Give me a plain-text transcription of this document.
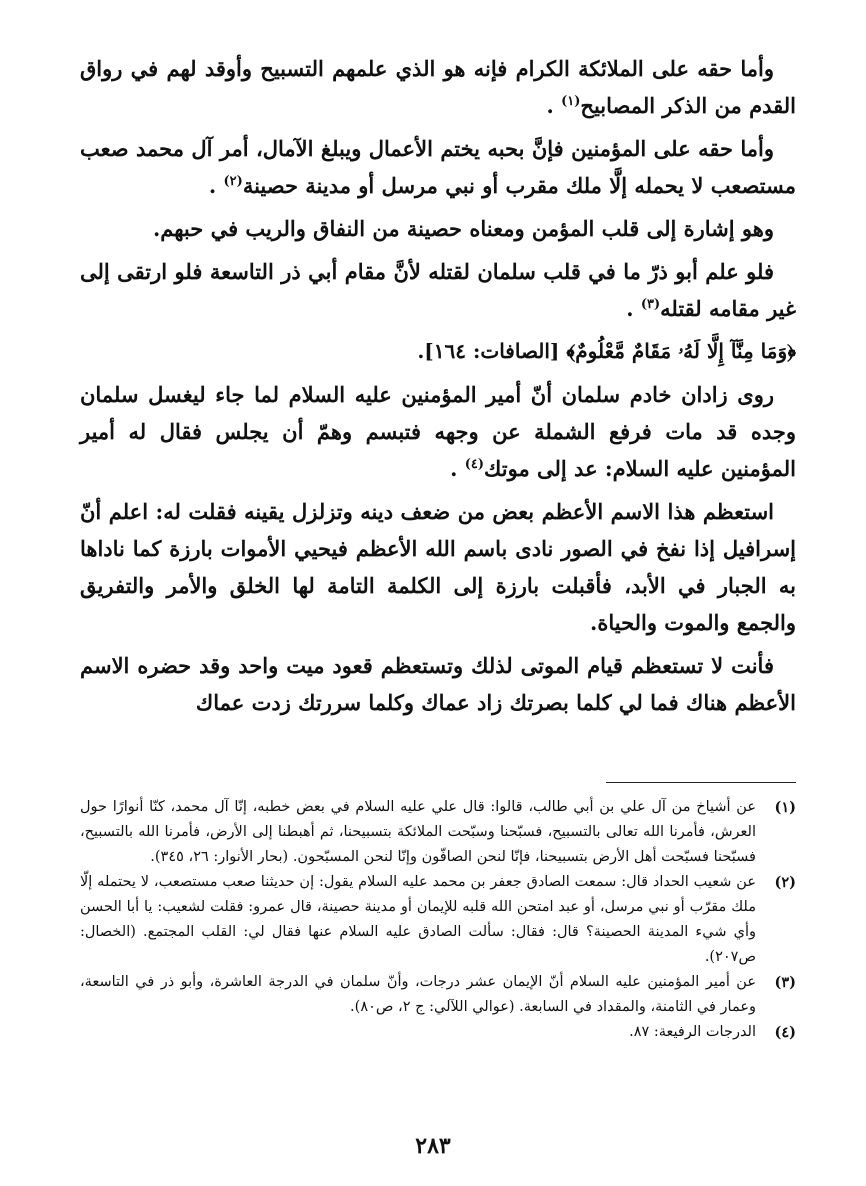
وأما حقه على الملائكة الكرام فإنه هو الذي علمهم التسبيح وأوقد لهم في رواق القدم من الذكر المصابيح$^{(١)}$ .

وأما حقه على المؤمنين فإنَّ بحبه يختم الأعمال ويبلغ الآمال، أمر آل محمد صعب مستصعب لا يحمله إلَّا ملك مقرب أو نبي مرسل أو مدينة حصينة$^{(٢)}$ .

وهو إشارة إلى قلب المؤمن ومعناه حصينة من النفاق والريب في حبهم.

فلو علم أبو ذرّ ما في قلب سلمان لقتله لأنَّ مقام أبي ذر التاسعة فلو ارتقى إلى غير مقامه لقتله$^{(٣)}$ .

﴿وَمَا مِنَّآ إِلَّا لَهُۥ مَقَامٌ مَّعْلُومٌ﴾ [الصافات: ١٦٤].

روى زادان خادم سلمان أنّ أمير المؤمنين عليه السلام لما جاء ليغسل سلمان وجده قد مات فرفع الشملة عن وجهه فتبسم وهمّ أن يجلس فقال له أمير المؤمنين عليه السلام: عد إلى موتك$^{(٤)}$ .

استعظم هذا الاسم الأعظم بعض من ضعف دينه وتزلزل يقينه فقلت له: اعلم أنّ إسرافيل إذا نفخ في الصور نادى باسم الله الأعظم فيحيي الأموات بارزة كما ناداها به الجبار في الأبد، فأقبلت بارزة إلى الكلمة التامة لها الخلق والأمر والتفريق والجمع والموت والحياة.

فأنت لا تستعظم قيام الموتى لذلك وتستعظم قعود ميت واحد وقد حضره الاسم الأعظم هناك فما لي كلما بصرتك زاد عماك وكلما سررتك زدت عماك

(١)
عن أشياخ من آل علي بن أبي طالب، قالوا: قال علي عليه السلام في بعض خطبه، إنّا آل محمد، كنّا أنوارًا حول العرش، فأمرنا الله تعالى بالتسبيح، فسبّحنا وسبّحت الملائكة بتسبيحنا، ثم أهبطنا إلى الأرض، فأمرنا الله بالتسبيح، فسبّحنا فسبّحت أهل الأرض بتسبيحنا، فإنّا لنحن الصافّون وإنّا لنحن المسبّحون. (بحار الأنوار: ٢٦، ٣٤٥).
(٢)
عن شعيب الحداد قال: سمعت الصادق جعفر بن محمد عليه السلام يقول: إن حديثنا صعب مستصعب، لا يحتمله إلّا ملك مقرّب أو نبي مرسل، أو عبد امتحن الله قلبه للإيمان أو مدينة حصينة، قال عمرو: فقلت لشعيب: يا أبا الحسن وأي شيء المدينة الحصينة؟ قال: فقال: سألت الصادق عليه السلام عنها فقال لي: القلب المجتمع. (الخصال: ص٢٠٧).
(٣)
عن أمير المؤمنين عليه السلام أنّ الإيمان عشر درجات، وأنّ سلمان في الدرجة العاشرة، وأبو ذر في التاسعة، وعمار في الثامنة، والمقداد في السابعة. (عوالي اللآلي: ج ٢، ص٨٠).
(٤)
الدرجات الرفيعة: ٨٧.
٢٨٣
